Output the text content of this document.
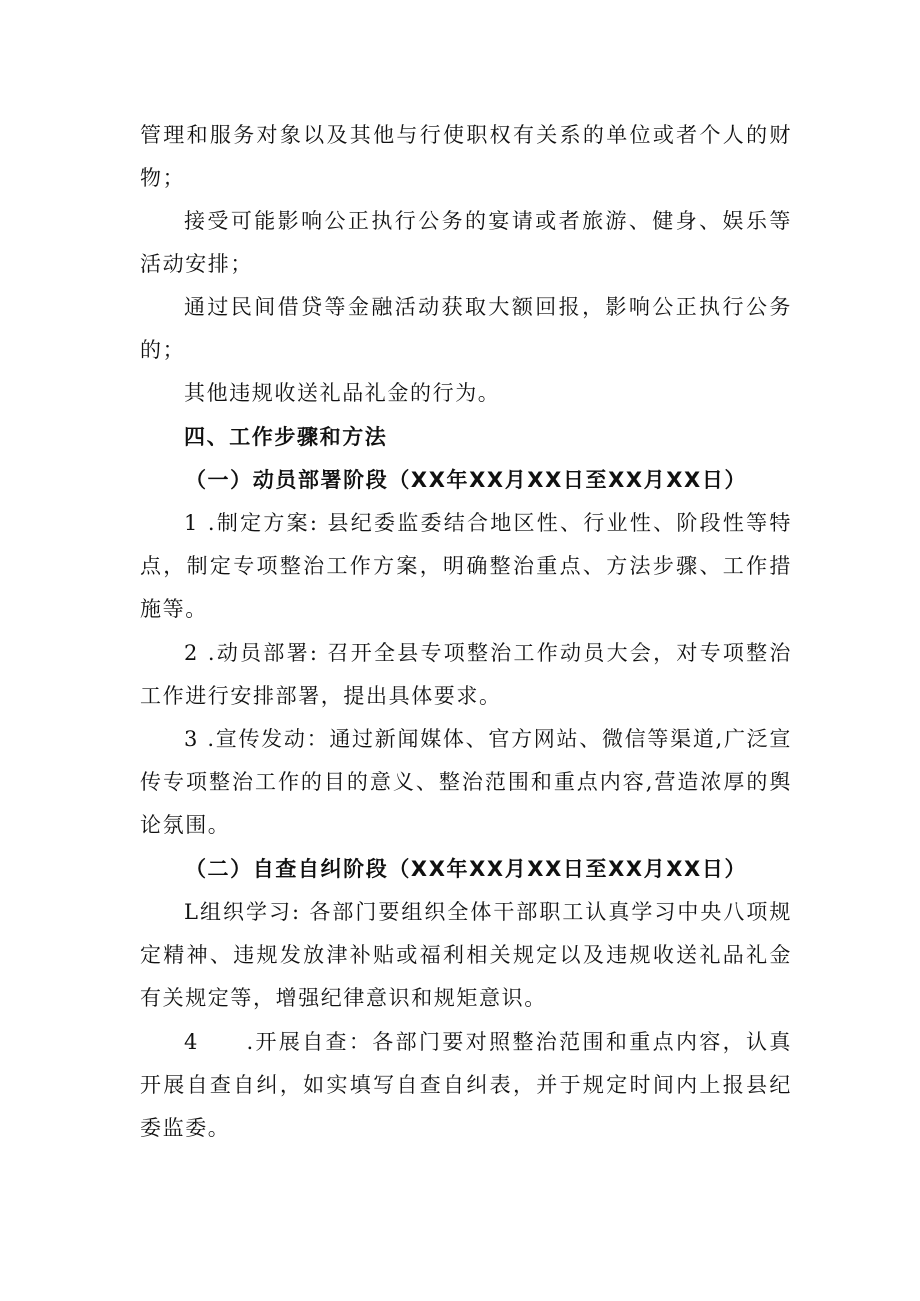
管理和服务对象以及其他与行使职权有关系的单位或者个人的财物；

接受可能影响公正执行公务的宴请或者旅游、健身、娱乐等活动安排；

通过民间借贷等金融活动获取大额回报，影响公正执行公务的；

其他违规收送礼品礼金的行为。

四、工作步骤和方法
（一）动员部署阶段（XX年XX月XX日至XX月XX日）

1 .制定方案: 县纪委监委结合地区性、行业性、阶段性等特点，制定专项整治工作方案，明确整治重点、方法步骤、工作措施等。

2 .动员部署: 召开全县专项整治工作动员大会，对专项整治工作进行安排部署，提出具体要求。

3 .宣传发动：通过新闻媒体、官方网站、微信等渠道,广泛宣传专项整治工作的目的意义、整治范围和重点内容,营造浓厚的舆论氛围。

（二）自查自纠阶段（XX年XX月XX日至XX月XX日）

L组织学习: 各部门要组织全体干部职工认真学习中央八项规定精神、违规发放津补贴或福利相关规定以及违规收送礼品礼金有关规定等，增强纪律意识和规矩意识。

4　　.开展自查：各部门要对照整治范围和重点内容，认真开展自查自纠，如实填写自查自纠表，并于规定时间内上报县纪委监委。
